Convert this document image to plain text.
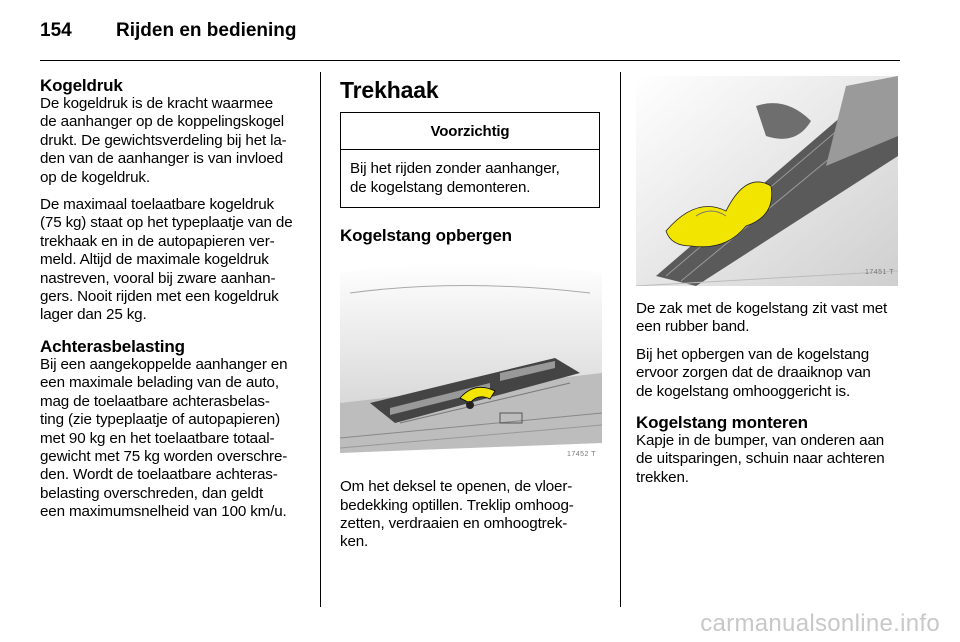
154 Rijden en bediening
Kogeldruk

De kogeldruk is de kracht waarmee
de aanhanger op de koppelingskogel
drukt. De gewichtsverdeling bij het la-
den van de aanhanger is van invloed
op de kogeldruk.

De maximaal toelaatbare kogeldruk
(75 kg) staat op het typeplaatje van de
trekhaak en in de autopapieren ver-
meld. Altijd de maximale kogeldruk
nastreven, vooral bij zware aanhan-
gers. Nooit rijden met een kogeldruk
lager dan 25 kg.

Achterasbelasting

Bij een aangekoppelde aanhanger en
een maximale belading van de auto,
mag de toelaatbare achterasbelas-
ting (zie typeplaatje of autopapieren)
met 90 kg en het toelaatbare totaal-
gewicht met 75 kg worden overschre-
den. Wordt de toelaatbare achteras-
belasting overschreden, dan geldt
een maximumsnelheid van 100 km/u.

Trekhaak
Voorzichtig
Bij het rijden zonder aanhanger,
de kogelstang demonteren.
Kogelstang opbergen
17452 T

Om het deksel te openen, de vloer-
bedekking optillen. Treklip omhoog-
zetten, verdraaien en omhoogtrek-
ken.

17451 T

De zak met de kogelstang zit vast met
een rubber band.

Bij het opbergen van de kogelstang
ervoor zorgen dat de draaiknop van
de kogelstang omhooggericht is.

Kogelstang monteren

Kapje in de bumper, van onderen aan
de uitsparingen, schuin naar achteren
trekken.

carmanualsonline.info
